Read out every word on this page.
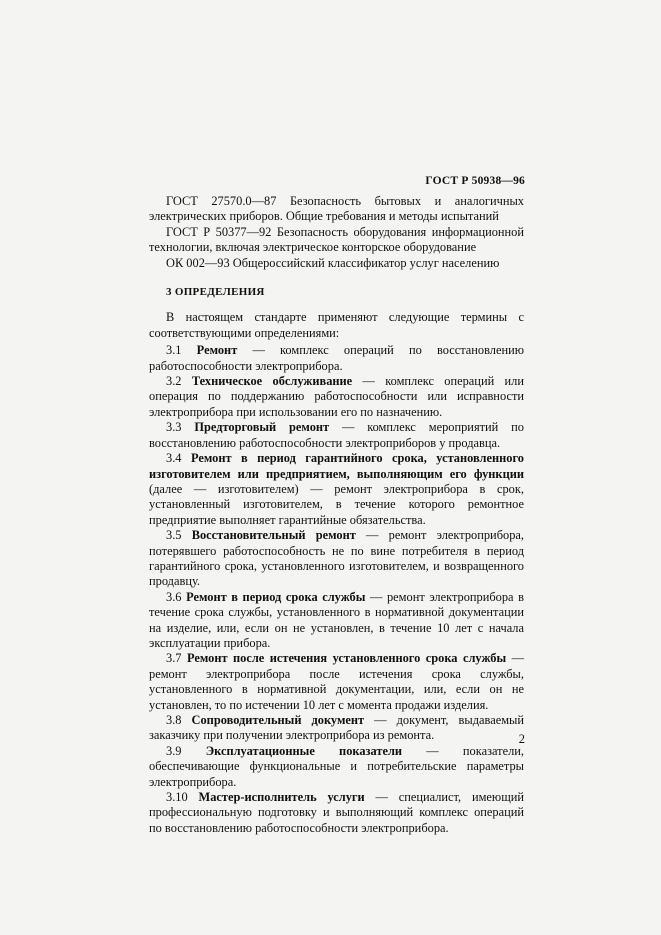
ГОСТ Р 50938—96

ГОСТ 27570.0—87 Безопасность бытовых и аналогичных электрических приборов. Общие требования и методы испытаний

ГОСТ Р 50377—92 Безопасность оборудования информационной технологии, включая электрическое конторское оборудование

ОК 002—93 Общероссийский классификатор услуг населению

3 ОПРЕДЕЛЕНИЯ

В настоящем стандарте применяют следующие термины с соответствующими определениями:

3.1 Ремонт — комплекс операций по восстановлению работоспособности электроприбора.

3.2 Техническое обслуживание — комплекс операций или операция по поддержанию работоспособности или исправности электроприбора при использовании его по назначению.

3.3 Предторговый ремонт — комплекс мероприятий по восстановлению работоспособности электроприборов у продавца.

3.4 Ремонт в период гарантийного срока, установленного изготовителем или предприятием, выполняющим его функции (далее — изготовителем) — ремонт электроприбора в срок, установленный изготовителем, в течение которого ремонтное предприятие выполняет гарантийные обязательства.

3.5 Восстановительный ремонт — ремонт электроприбора, потерявшего работоспособность не по вине потребителя в период гарантийного срока, установленного изготовителем, и возвращенного продавцу.

3.6 Ремонт в период срока службы — ремонт электроприбора в течение срока службы, установленного в нормативной документации на изделие, или, если он не установлен, в течение 10 лет с начала эксплуатации прибора.

3.7 Ремонт после истечения установленного срока службы — ремонт электроприбора после истечения срока службы, установленного в нормативной документации, или, если он не установлен, то по истечении 10 лет с момента продажи изделия.

3.8 Сопроводительный документ — документ, выдаваемый заказчику при получении электроприбора из ремонта.

3.9 Эксплуатационные показатели — показатели, обеспечивающие функциональные и потребительские параметры электроприбора.

3.10 Мастер-исполнитель услуги — специалист, имеющий профессиональную подготовку и выполняющий комплекс операций по восстановлению работоспособности электроприбора.

2
